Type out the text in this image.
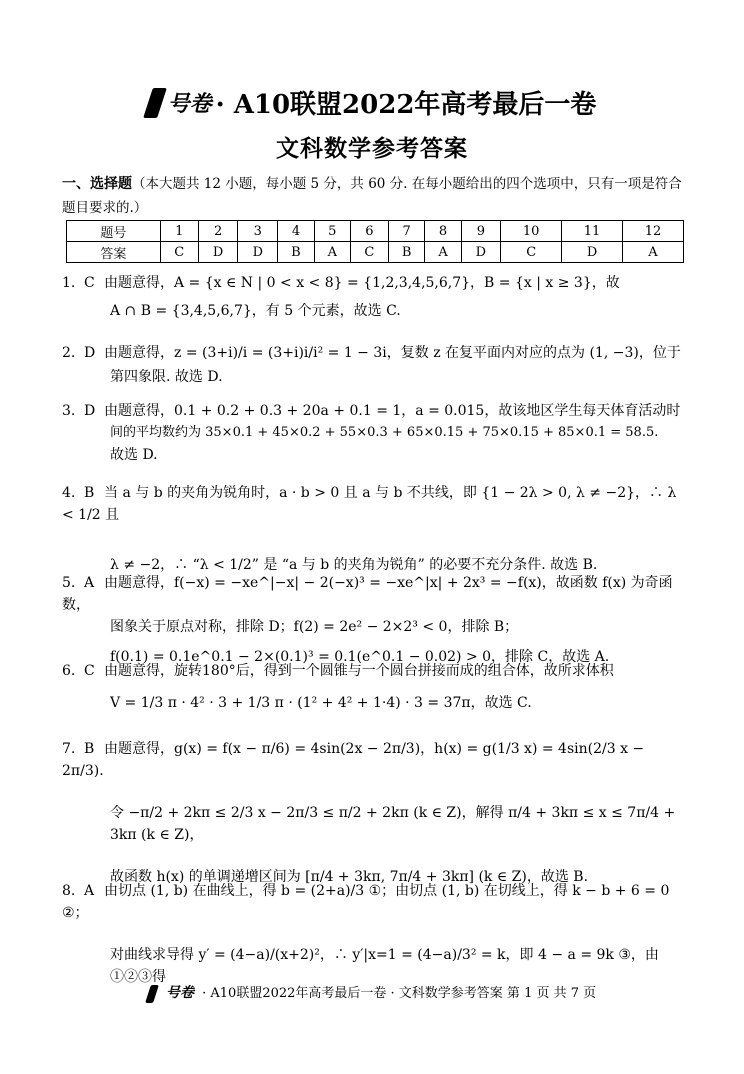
号卷 · A10联盟2022年高考最后一卷
文科数学参考答案
一、选择题（本大题共 12 小题，每小题 5 分，共 60 分. 在每小题给出的四个选项中，只有一项是符合题目要求的.）
题号	1	2	3	4	5	6	7	8	9	10	11	12
答案	C	D	D	B	A	C	B	A	D	C	D	A
1. C 由题意得，A = {x ∈ N | 0 < x < 8} = {1,2,3,4,5,6,7}，B = {x | x ≥ 3}，故
A ∩ B = {3,4,5,6,7}，有 5 个元素，故选 C.
2. D 由题意得，z = (3+i)/i = (3+i)i/i² = 1 − 3i，复数 z 在复平面内对应的点为 (1, −3)，位于
第四象限. 故选 D.
3. D 由题意得，0.1 + 0.2 + 0.3 + 20a + 0.1 = 1，a = 0.015，故该地区学生每天体育活动时
间的平均数约为 35×0.1 + 45×0.2 + 55×0.3 + 65×0.15 + 75×0.15 + 85×0.1 = 58.5.
故选 D.
4. B 当 a 与 b 的夹角为锐角时，a · b > 0 且 a 与 b 不共线，即 {1 − 2λ > 0, λ ≠ −2}，∴ λ < 1/2 且
λ ≠ −2，∴ “λ < 1/2” 是 “a 与 b 的夹角为锐角” 的必要不充分条件. 故选 B.
5. A 由题意得，f(−x) = −xe^|−x| − 2(−x)³ = −xe^|x| + 2x³ = −f(x)，故函数 f(x) 为奇函数，
图象关于原点对称，排除 D；f(2) = 2e² − 2×2³ < 0，排除 B；
f(0.1) = 0.1e^0.1 − 2×(0.1)³ = 0.1(e^0.1 − 0.02) > 0，排除 C，故选 A.
6. C 由题意得，旋转180°后，得到一个圆锥与一个圆台拼接而成的组合体，故所求体积
V = 1/3 π · 4² · 3 + 1/3 π · (1² + 4² + 1·4) · 3 = 37π，故选 C.
7. B 由题意得，g(x) = f(x − π/6) = 4sin(2x − 2π/3)，h(x) = g(1/3 x) = 4sin(2/3 x − 2π/3).
令 −π/2 + 2kπ ≤ 2/3 x − 2π/3 ≤ π/2 + 2kπ (k ∈ Z)，解得 π/4 + 3kπ ≤ x ≤ 7π/4 + 3kπ (k ∈ Z)，
故函数 h(x) 的单调递增区间为 [π/4 + 3kπ, 7π/4 + 3kπ] (k ∈ Z)，故选 B.
8. A 由切点 (1, b) 在曲线上，得 b = (2+a)/3 ①；由切点 (1, b) 在切线上，得 k − b + 6 = 0 ②；
对曲线求导得 y′ = (4−a)/(x+2)²，∴ y′|x=1 = (4−a)/3² = k，即 4 − a = 9k ③，由①②③得
号卷 · A10联盟2022年高考最后一卷 · 文科数学参考答案 第 1 页 共 7 页
